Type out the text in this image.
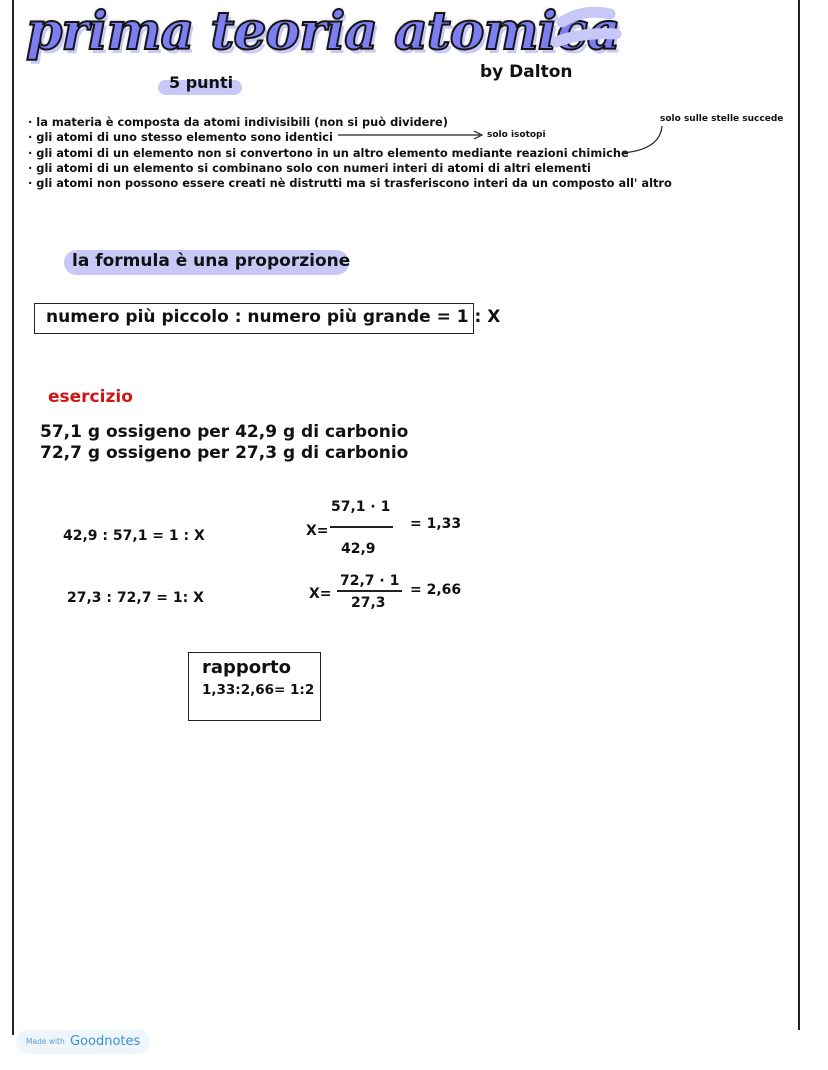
prima teoria atomica
5 punti
by Dalton
· la materia è composta da atomi indivisibili (non si può dividere)
· gli atomi di uno stesso elemento sono identici
· gli atomi di un elemento non si convertono in un altro elemento mediante reazioni chimiche
· gli atomi di un elemento si combinano solo con numeri interi di atomi di altri elementi
· gli atomi non possono essere creati nè distrutti ma si trasferiscono interi da un composto all' altro
solo isotopi
solo sulle stelle succede
la formula è una proporzione
numero più piccolo : numero più grande = 1 : X
esercizio
57,1 g ossigeno per 42,9 g di carbonio
72,7 g ossigeno per 27,3 g di carbonio
42,9 : 57,1 = 1 : X
27,3 : 72,7 = 1: X
X=
57,1 · 1
42,9
= 1,33
X=
72,7 · 1
27,3
= 2,66
rapporto
1,33:2,66= 1:2
Made with Goodnotes
